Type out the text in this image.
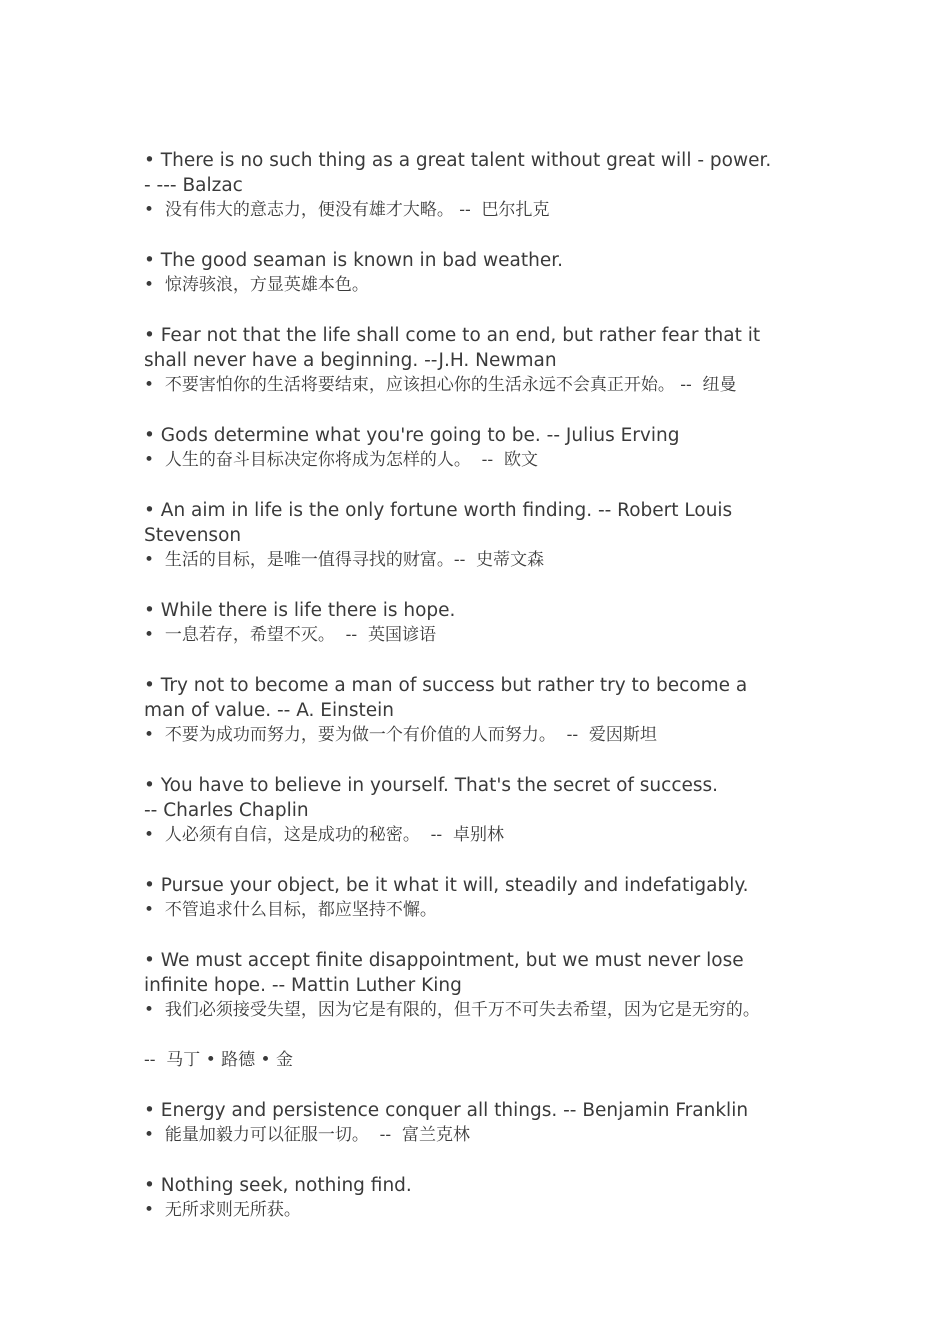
• There is no such thing as a great talent without great will - power.
- --- Balzac

•  没有伟大的意志力，便没有雄才大略。 --  巴尔扎克

• The good seaman is known in bad weather.

•  惊涛骇浪，方显英雄本色。

• Fear not that the life shall come to an end, but rather fear that it
shall never have a beginning. --J.H. Newman

•  不要害怕你的生活将要结束，应该担心你的生活永远不会真正开始。 --  纽曼

• Gods determine what you're going to be. -- Julius Erving

•  人生的奋斗目标决定你将成为怎样的人。  --  欧文

• An aim in life is the only fortune worth finding. -- Robert Louis
Stevenson

•  生活的目标，是唯一值得寻找的财富。--  史蒂文森

• While there is life there is hope.

•  一息若存，希望不灭。  --  英国谚语

• Try not to become a man of success but rather try to become a
man of value. -- A. Einstein

•  不要为成功而努力，要为做一个有价值的人而努力。  --  爱因斯坦

• You have to believe in yourself. That's the secret of success.
-- Charles Chaplin

•  人必须有自信，这是成功的秘密。  --  卓别林

• Pursue your object, be it what it will, steadily and indefatigably.

•  不管追求什么目标，都应坚持不懈。

• We must accept finite disappointment, but we must never lose
infinite hope. -- Mattin Luther King

•  我们必须接受失望，因为它是有限的，但千万不可失去希望，因为它是无穷的。

--  马丁 • 路德 • 金

• Energy and persistence conquer all things. -- Benjamin Franklin

•  能量加毅力可以征服一切。  --  富兰克林

• Nothing seek, nothing find.

•  无所求则无所获。
